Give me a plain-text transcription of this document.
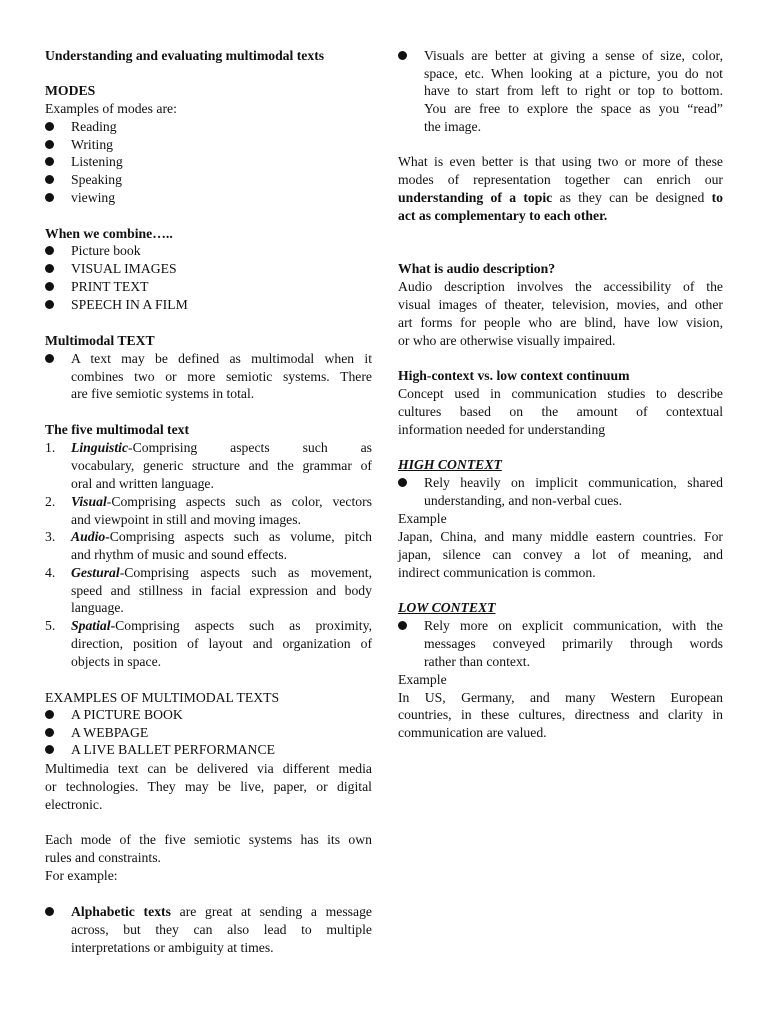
Understanding and evaluating multimodal texts
MODES
Examples of modes are:
Reading
Writing
Listening
Speaking
viewing
When we combine…..
Picture book
VISUAL IMAGES
PRINT TEXT
SPEECH IN A FILM
Multimodal TEXT
A text may be defined as multimodal when it
combines two or more semiotic systems. There
are five semiotic systems in total.
The five multimodal text
1. Linguistic-Comprising aspects such as
vocabulary, generic structure and the grammar of
oral and written language.
2. Visual-Comprising aspects such as color, vectors
and viewpoint in still and moving images.
3. Audio-Comprising aspects such as volume, pitch
and rhythm of music and sound effects.
4. Gestural-Comprising aspects such as movement,
speed and stillness in facial expression and body
language.
5. Spatial-Comprising aspects such as proximity,
direction, position of layout and organization of
objects in space.
EXAMPLES OF MULTIMODAL TEXTS
A PICTURE BOOK
A WEBPAGE
A LIVE BALLET PERFORMANCE
Multimedia text can be delivered via different media
or technologies. They may be live, paper, or digital
electronic.
Each mode of the five semiotic systems has its own
rules and constraints.
For example:
Alphabetic texts are great at sending a message
across, but they can also lead to multiple
interpretations or ambiguity at times.
Visuals are better at giving a sense of size, color,
space, etc. When looking at a picture, you do not
have to start from left to right or top to bottom.
You are free to explore the space as you “read”
the image.
What is even better is that using two or more of these
modes of representation together can enrich our
understanding of a topic as they can be designed to
act as complementary to each other.
What is audio description?
Audio description involves the accessibility of the
visual images of theater, television, movies, and other
art forms for people who are blind, have low vision,
or who are otherwise visually impaired.
High-context vs. low context continuum
Concept used in communication studies to describe
cultures based on the amount of contextual
information needed for understanding
HIGH CONTEXT
Rely heavily on implicit communication, shared
understanding, and non-verbal cues.
Example
Japan, China, and many middle eastern countries. For
japan, silence can convey a lot of meaning, and
indirect communication is common.
LOW CONTEXT
Rely more on explicit communication, with the
messages conveyed primarily through words
rather than context.
Example
In US, Germany, and many Western European
countries, in these cultures, directness and clarity in
communication are valued.
